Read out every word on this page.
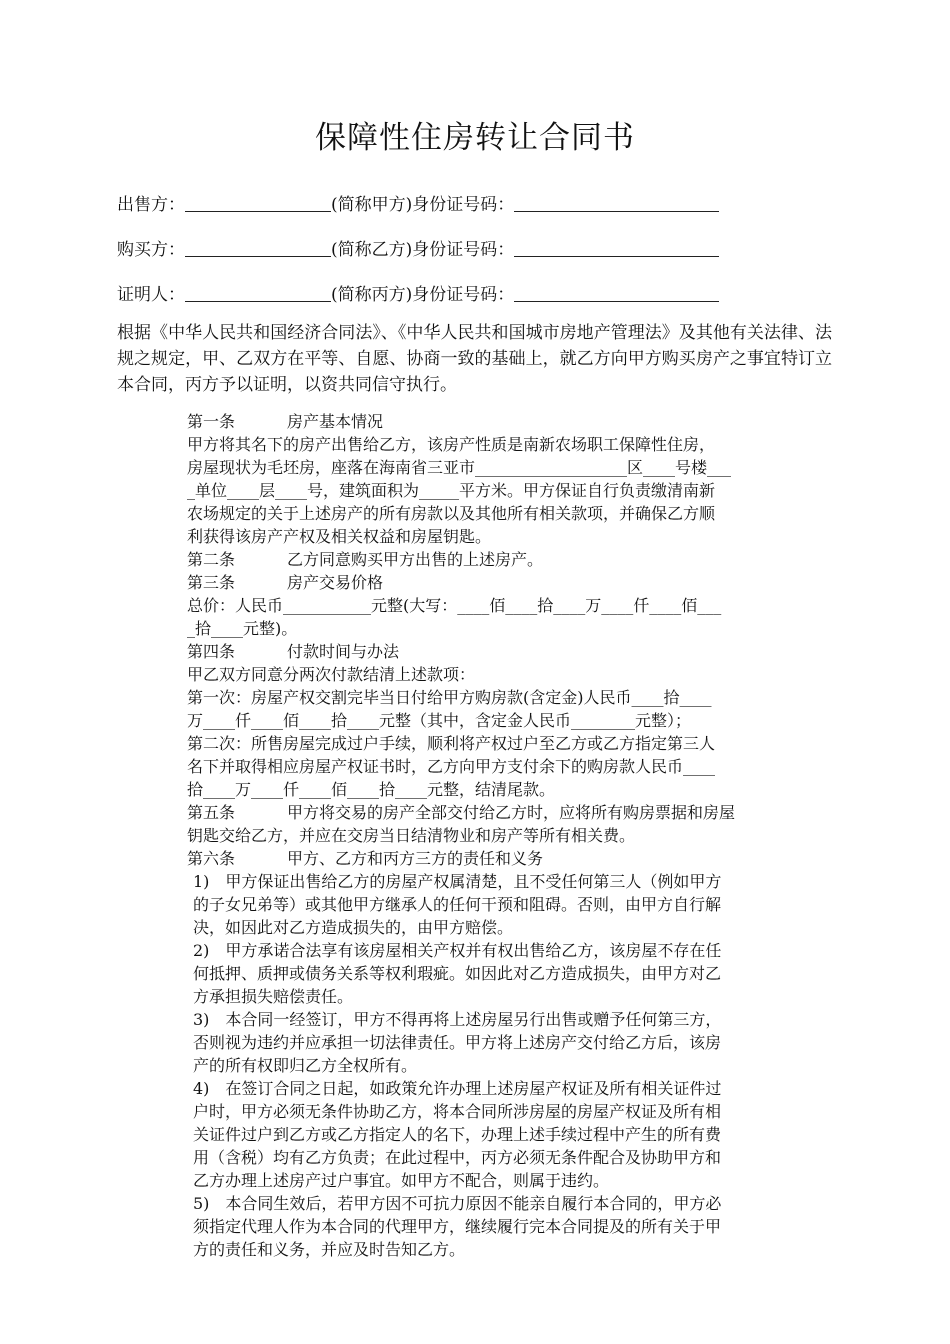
保障性住房转让合同书
出售方：	(简称甲方)身份证号码：
购买方：	(简称乙方)身份证号码：
证明人：	(简称丙方)身份证号码：
根据《中华人民共和国经济合同法》、《中华人民共和国城市房地产管理法》及其他有关法律、法规之规定，甲、乙双方在平等、自愿、协商一致的基础上，就乙方向甲方购买房产之事宜特订立本合同，丙方予以证明，以资共同信守执行。
第一条	房产基本情况
甲方将其名下的房产出售给乙方，该房产性质是南新农场职工保障性住房，
房屋现状为毛坯房，座落在海南省三亚市___________________区____号楼___
_单位____层____号，建筑面积为_____平方米。甲方保证自行负责缴清南新
农场规定的关于上述房产的所有房款以及其他所有相关款项，并确保乙方顺
利获得该房产产权及相关权益和房屋钥匙。
第二条	乙方同意购买甲方出售的上述房产。
第三条	房产交易价格
总价：人民币___________元整(大写：____佰____拾____万____仟____佰___
_拾____元整)。
第四条	付款时间与办法
甲乙双方同意分两次付款结清上述款项：
第一次：房屋产权交割完毕当日付给甲方购房款(含定金)人民币____拾____
万____仟____佰____拾____元整（其中，含定金人民币________元整）；
第二次：所售房屋完成过户手续，顺利将产权过户至乙方或乙方指定第三人
名下并取得相应房屋产权证书时，乙方向甲方支付余下的购房款人民币____
拾____万____仟____佰____拾____元整，结清尾款。
第五条	甲方将交易的房产全部交付给乙方时，应将所有购房票据和房屋
钥匙交给乙方，并应在交房当日结清物业和房产等所有相关费。
第六条	甲方、乙方和丙方三方的责任和义务
1)　甲方保证出售给乙方的房屋产权属清楚，且不受任何第三人（例如甲方
的子女兄弟等）或其他甲方继承人的任何干预和阻碍。否则，由甲方自行解
决，如因此对乙方造成损失的，由甲方赔偿。
2)　甲方承诺合法享有该房屋相关产权并有权出售给乙方，该房屋不存在任
何抵押、质押或债务关系等权利瑕疵。如因此对乙方造成损失，由甲方对乙
方承担损失赔偿责任。
3)　本合同一经签订，甲方不得再将上述房屋另行出售或赠予任何第三方，
否则视为违约并应承担一切法律责任。甲方将上述房产交付给乙方后，该房
产的所有权即归乙方全权所有。
4)　在签订合同之日起，如政策允许办理上述房屋产权证及所有相关证件过
户时，甲方必须无条件协助乙方，将本合同所涉房屋的房屋产权证及所有相
关证件过户到乙方或乙方指定人的名下，办理上述手续过程中产生的所有费
用（含税）均有乙方负责；在此过程中，丙方必须无条件配合及协助甲方和
乙方办理上述房产过户事宜。如甲方不配合，则属于违约。
5)　本合同生效后，若甲方因不可抗力原因不能亲自履行本合同的，甲方必
须指定代理人作为本合同的代理甲方，继续履行完本合同提及的所有关于甲
方的责任和义务，并应及时告知乙方。
